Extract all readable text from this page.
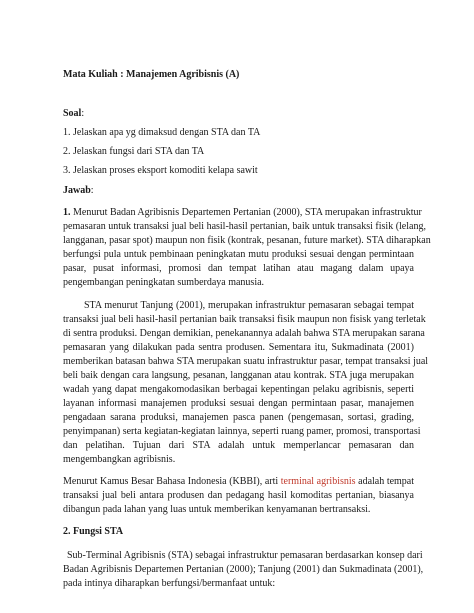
Mata Kuliah : Manajemen Agribisnis (A)
Soal:
1. Jelaskan apa yg dimaksud dengan STA dan TA
2. Jelaskan fungsi dari STA dan TA
3. Jelaskan proses eksport komoditi kelapa sawit
Jawab:
1. Menurut Badan Agribisnis Departemen Pertanian (2000), STA merupakan infrastruktur
pemasaran untuk transaksi jual beli hasil-hasil pertanian, baik untuk transaksi fisik (lelang,
langganan, pasar spot) maupun non fisik (kontrak, pesanan, future market). STA diharapkan
berfungsi pula untuk pembinaan peningkatan mutu produksi sesuai dengan permintaan
pasar, pusat informasi, promosi dan tempat latihan atau magang dalam upaya
pengembangan peningkatan sumberdaya manusia.
STA menurut Tanjung (2001), merupakan infrastruktur pemasaran sebagai tempat
transaksi jual beli hasil-hasil pertanian baik transaksi fisik maupun non fisisk yang terletak
di sentra produksi. Dengan demikian, penekanannya adalah bahwa STA merupakan sarana
pemasaran yang dilakukan pada sentra produsen. Sementara itu, Sukmadinata (2001)
memberikan batasan bahwa STA merupakan suatu infrastruktur pasar, tempat transaksi jual
beli baik dengan cara langsung, pesanan, langganan atau kontrak. STA juga merupakan
wadah yang dapat mengakomodasikan berbagai kepentingan pelaku agribisnis, seperti
layanan informasi manajemen produksi sesuai dengan permintaan pasar, manajemen
pengadaan sarana produksi, manajemen pasca panen (pengemasan, sortasi, grading,
penyimpanan) serta kegiatan-kegiatan lainnya, seperti ruang pamer, promosi, transportasi
dan pelatihan. Tujuan dari STA adalah untuk memperlancar pemasaran dan
mengembangkan agribisnis.
Menurut Kamus Besar Bahasa Indonesia (KBBI), arti terminal agribisnis adalah tempat
transaksi jual beli antara produsen dan pedagang hasil komoditas pertanian, biasanya
dibangun pada lahan yang luas untuk memberikan kenyamanan bertransaksi.
2. Fungsi STA
Sub-Terminal Agribisnis (STA) sebagai infrastruktur pemasaran berdasarkan konsep dari
Badan Agribisnis Departemen Pertanian (2000); Tanjung (2001) dan Sukmadinata (2001),
pada intinya diharapkan berfungsi/bermanfaat untuk:
